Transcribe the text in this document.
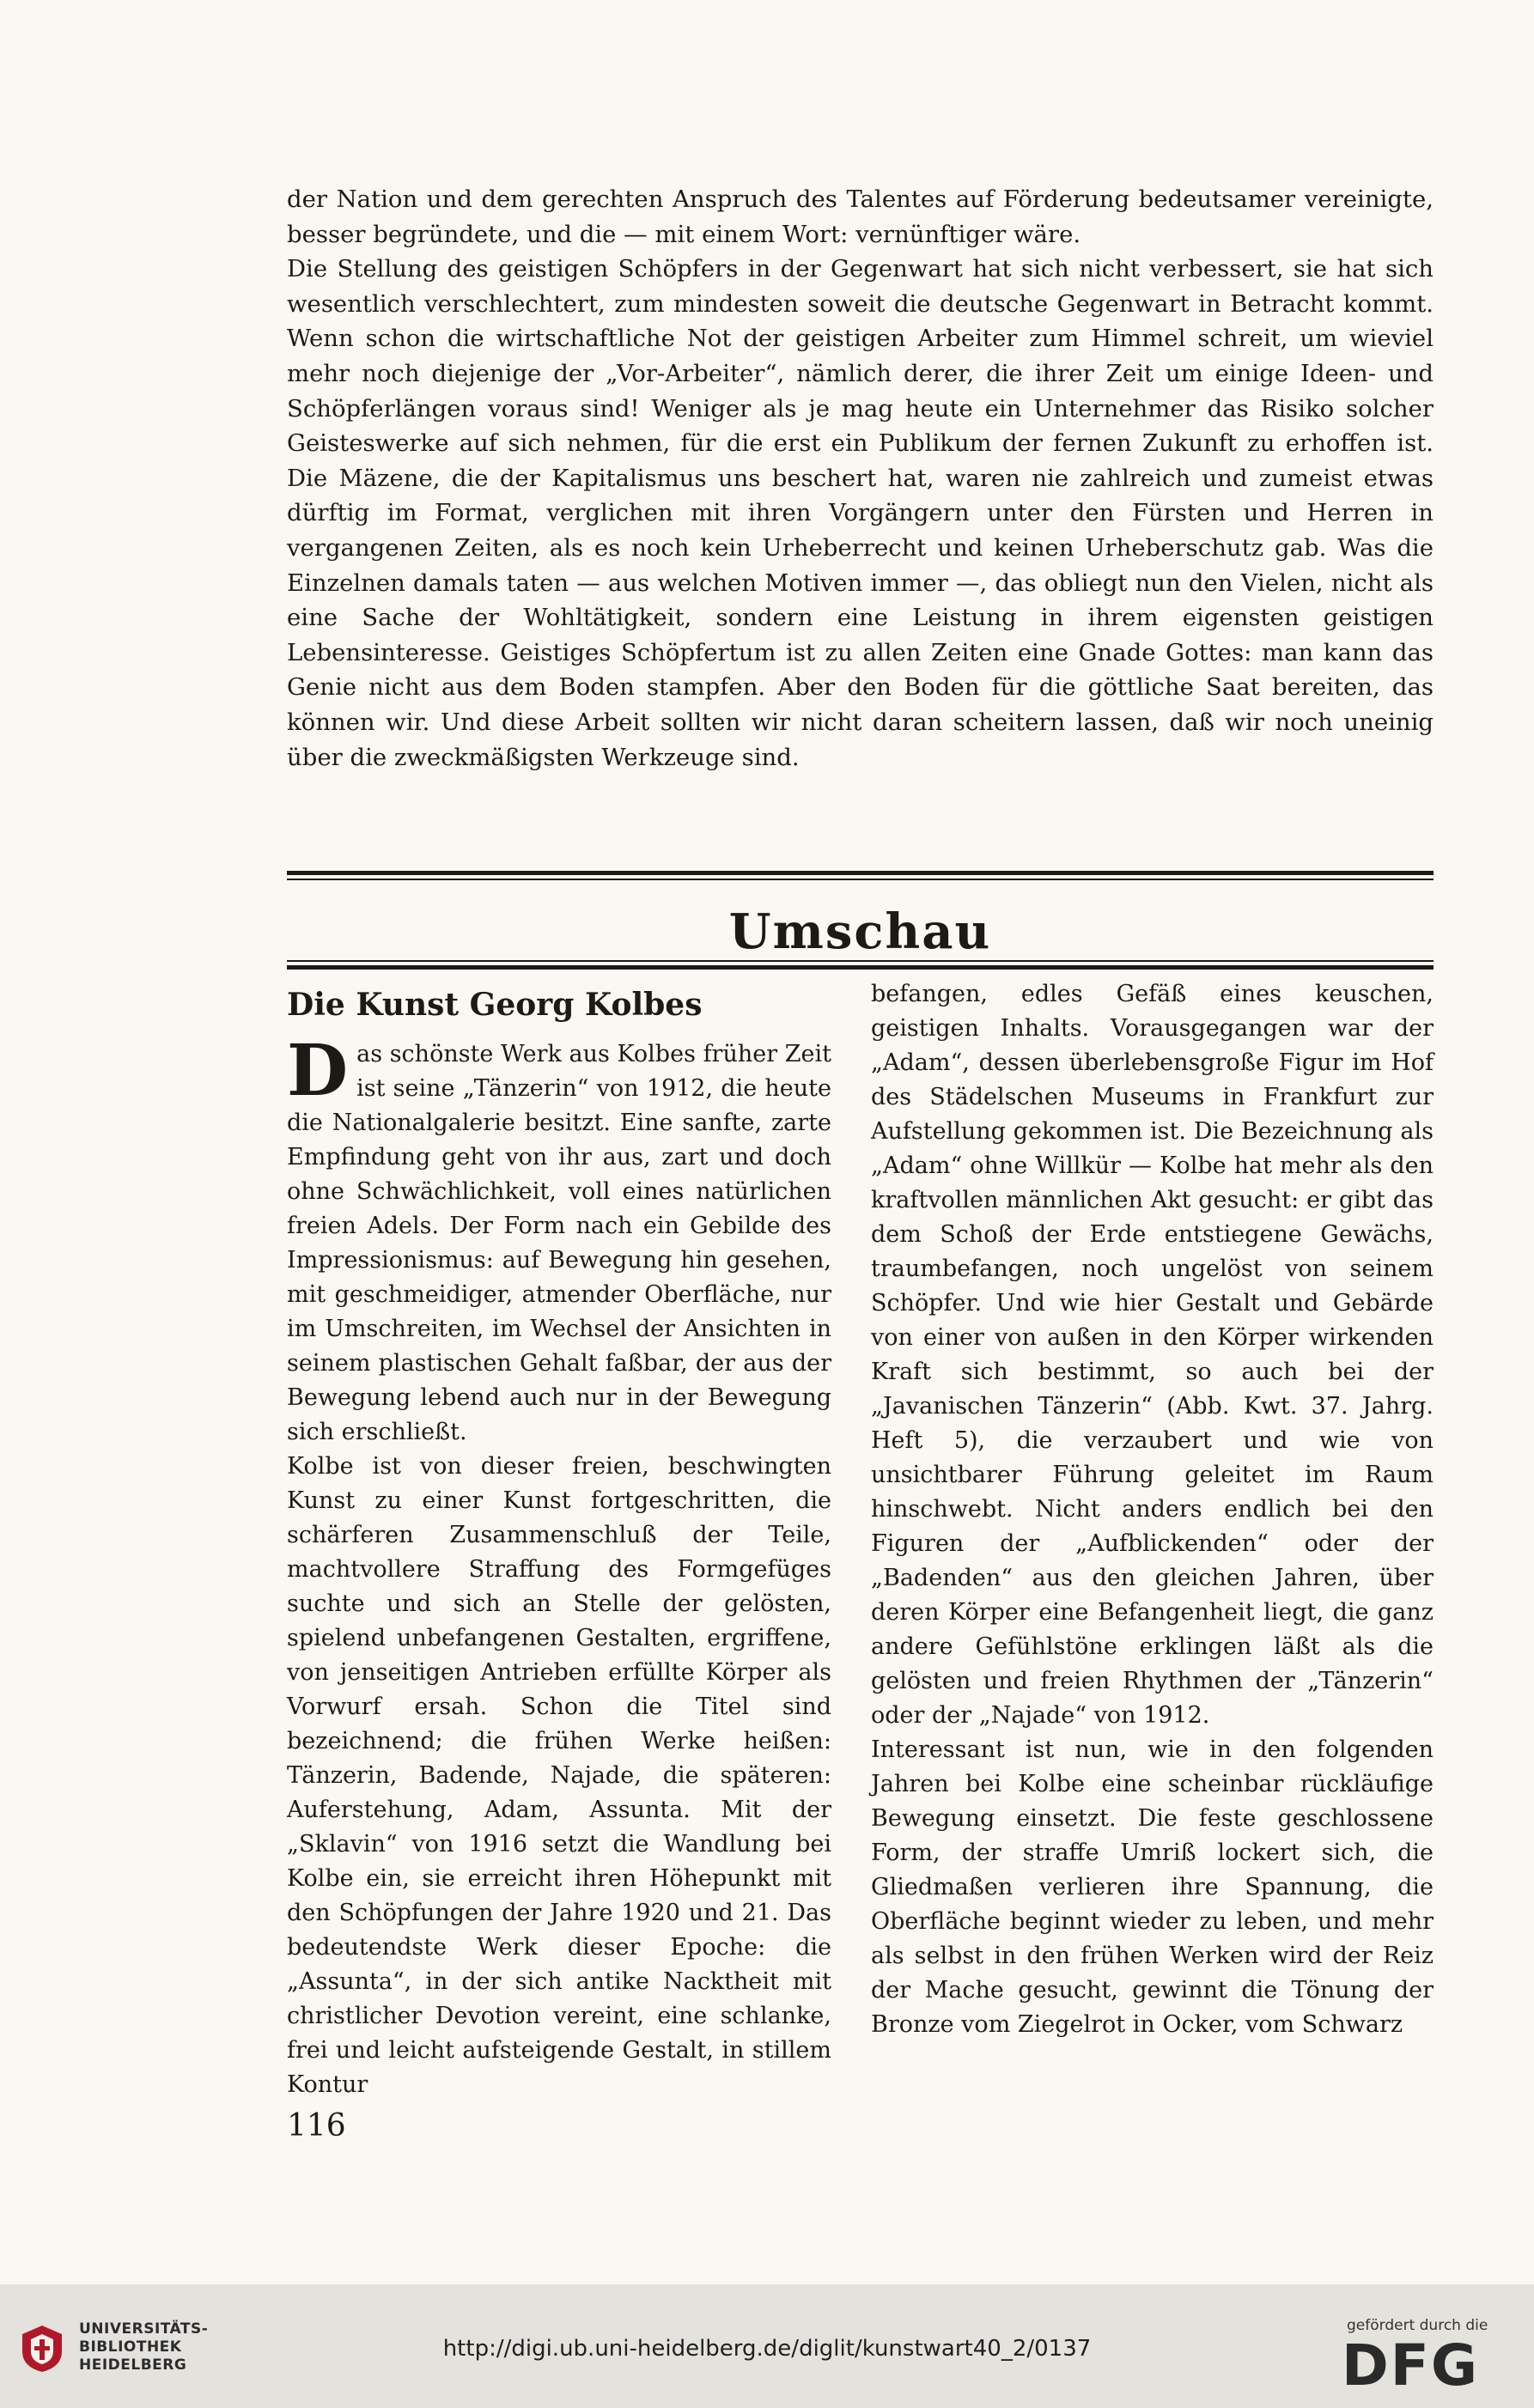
der Nation und dem gerechten Anspruch des Talentes auf Förderung bedeutsamer vereinigte, besser begründete, und die — mit einem Wort: vernünftiger wäre.

Die Stellung des geistigen Schöpfers in der Gegenwart hat sich nicht verbessert, sie hat sich wesentlich verschlechtert, zum mindesten soweit die deutsche Gegenwart in Betracht kommt. Wenn schon die wirtschaftliche Not der geistigen Arbeiter zum Himmel schreit, um wieviel mehr noch diejenige der „Vor-Arbeiter“, nämlich derer, die ihrer Zeit um einige Ideen- und Schöpferlängen voraus sind! Weniger als je mag heute ein Unternehmer das Risiko solcher Geisteswerke auf sich nehmen, für die erst ein Publikum der fernen Zukunft zu erhoffen ist. Die Mäzene, die der Kapitalismus uns beschert hat, waren nie zahlreich und zumeist etwas dürftig im Format, verglichen mit ihren Vorgängern unter den Fürsten und Herren in vergangenen Zeiten, als es noch kein Urheberrecht und keinen Urheberschutz gab. Was die Einzelnen damals taten — aus welchen Motiven immer —, das obliegt nun den Vielen, nicht als eine Sache der Wohltätigkeit, sondern eine Leistung in ihrem eigensten geistigen Lebensinteresse. Geistiges Schöpfertum ist zu allen Zeiten eine Gnade Gottes: man kann das Genie nicht aus dem Boden stampfen. Aber den Boden für die göttliche Saat bereiten, das können wir. Und diese Arbeit sollten wir nicht daran scheitern lassen, daß wir noch uneinig über die zweckmäßigsten Werkzeuge sind.

Umschau
Die Kunst Georg Kolbes

Das schönste Werk aus Kolbes früher Zeit ist seine „Tänzerin“ von 1912, die heute die Nationalgalerie besitzt. Eine sanfte, zarte Empfindung geht von ihr aus, zart und doch ohne Schwächlichkeit, voll eines natürlichen freien Adels. Der Form nach ein Gebilde des Impressionismus: auf Bewegung hin gesehen, mit geschmeidiger, atmender Oberfläche, nur im Umschreiten, im Wechsel der Ansichten in seinem plastischen Gehalt faßbar, der aus der Bewegung lebend auch nur in der Bewegung sich erschließt.

Kolbe ist von dieser freien, beschwingten Kunst zu einer Kunst fortgeschritten, die schärferen Zusammenschluß der Teile, machtvollere Straffung des Formgefüges suchte und sich an Stelle der gelösten, spielend unbefangenen Gestalten, ergriffene, von jenseitigen Antrieben erfüllte Körper als Vorwurf ersah. Schon die Titel sind bezeichnend; die frühen Werke heißen: Tänzerin, Badende, Najade, die späteren: Auferstehung, Adam, Assunta. Mit der „Sklavin“ von 1916 setzt die Wandlung bei Kolbe ein, sie erreicht ihren Höhepunkt mit den Schöpfungen der Jahre 1920 und 21. Das bedeutendste Werk dieser Epoche: die „Assunta“, in der sich antike Nacktheit mit christlicher Devotion vereint, eine schlanke, frei und leicht aufsteigende Gestalt, in stillem Kontur

befangen, edles Gefäß eines keuschen, geistigen Inhalts. Vorausgegangen war der „Adam“, dessen überlebensgroße Figur im Hof des Städelschen Museums in Frankfurt zur Aufstellung gekommen ist. Die Bezeichnung als „Adam“ ohne Willkür — Kolbe hat mehr als den kraftvollen männlichen Akt gesucht: er gibt das dem Schoß der Erde entstiegene Gewächs, traumbefangen, noch ungelöst von seinem Schöpfer. Und wie hier Gestalt und Gebärde von einer von außen in den Körper wirkenden Kraft sich bestimmt, so auch bei der „Javanischen Tänzerin“ (Abb. Kwt. 37. Jahrg. Heft 5), die verzaubert und wie von unsichtbarer Führung geleitet im Raum hinschwebt. Nicht anders endlich bei den Figuren der „Aufblickenden“ oder der „Badenden“ aus den gleichen Jahren, über deren Körper eine Befangenheit liegt, die ganz andere Gefühlstöne erklingen läßt als die gelösten und freien Rhythmen der „Tänzerin“ oder der „Najade“ von 1912.

Interessant ist nun, wie in den folgenden Jahren bei Kolbe eine scheinbar rückläufige Bewegung einsetzt. Die feste geschlossene Form, der straffe Umriß lockert sich, die Gliedmaßen verlieren ihre Spannung, die Oberfläche beginnt wieder zu leben, und mehr als selbst in den frühen Werken wird der Reiz der Mache gesucht, gewinnt die Tönung der Bronze vom Ziegelrot in Ocker, vom Schwarz

116
UNIVERSITÄTS-
BIBLIOTHEK
HEIDELBERG
http://digi.ub.uni-heidelberg.de/diglit/kunstwart40_2/0137
gefördert durch die
DFG
